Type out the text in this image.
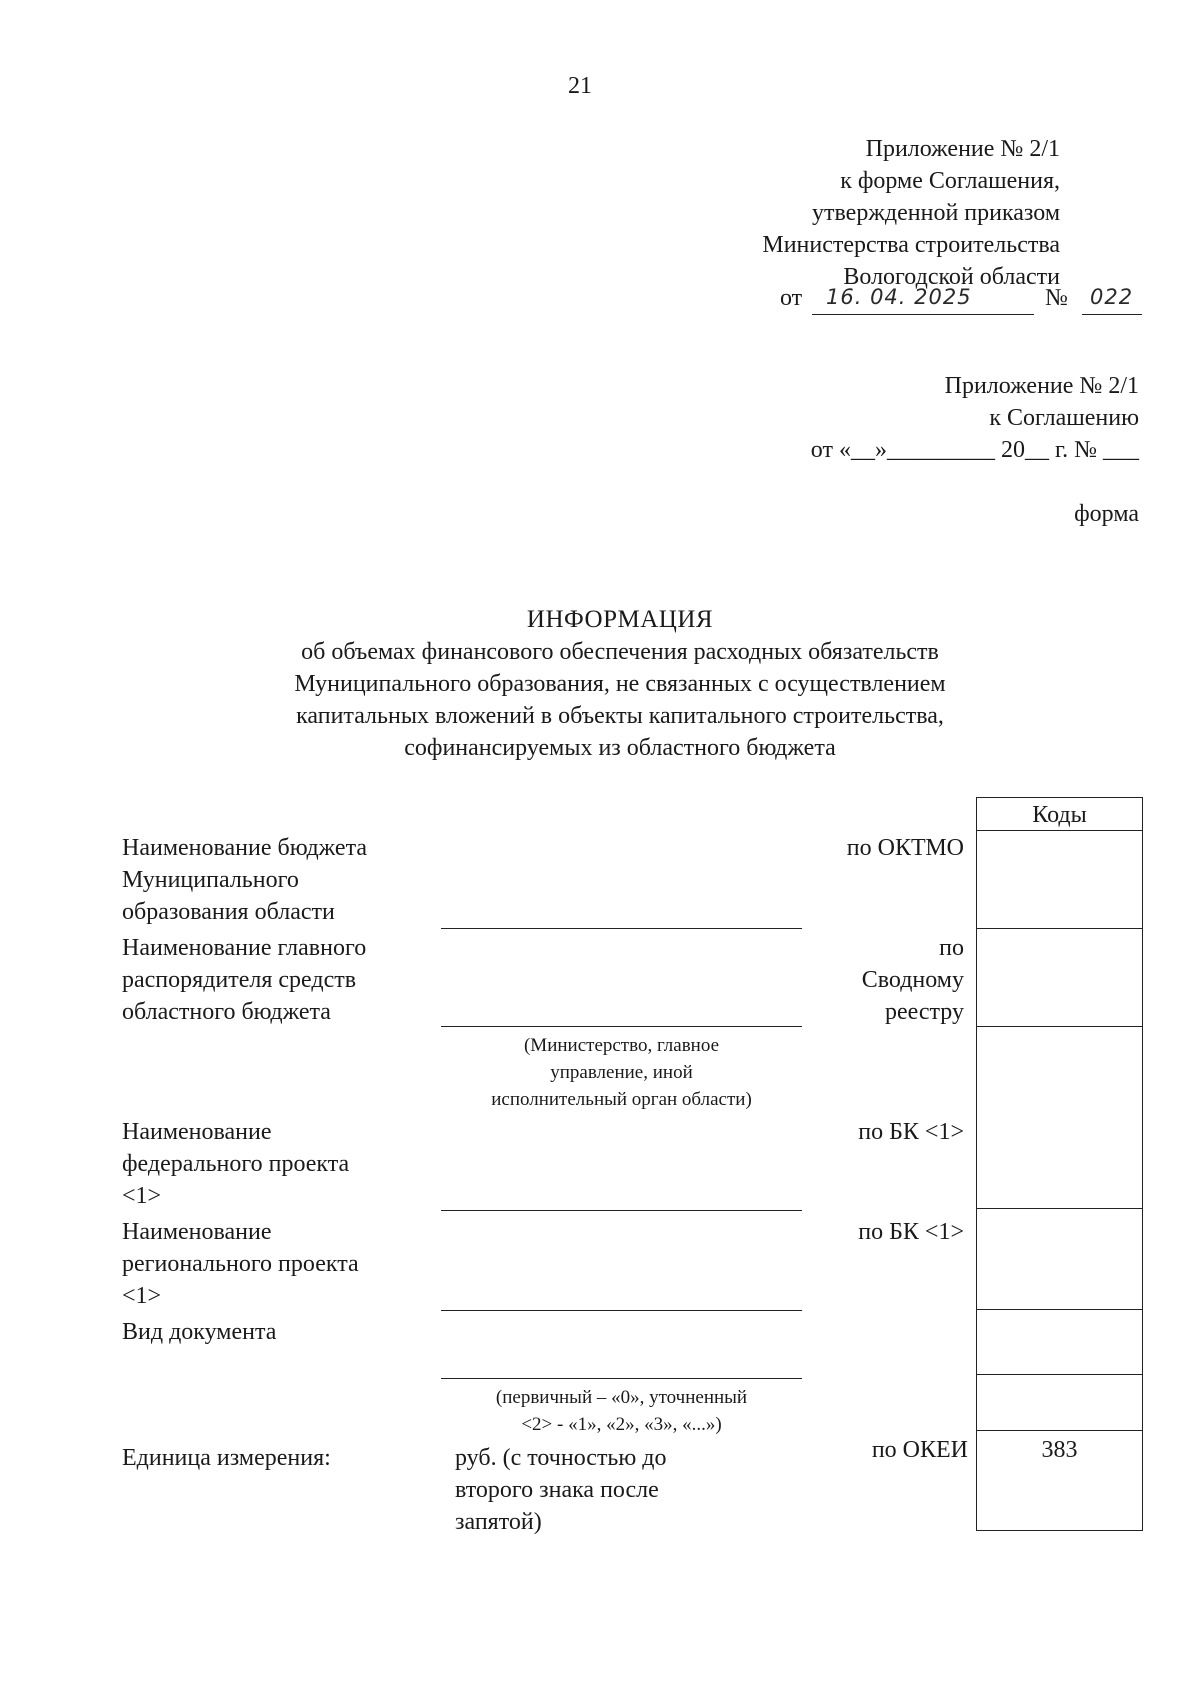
21
Приложение № 2/1
к форме Соглашения,
утвержденной приказом
Министерства строительства
Вологодской области
от 16. 04. 2025	№ 022
Приложение № 2/1
к Соглашению
от «__»_________ 20__ г. № ___
форма
ИНФОРМАЦИЯ
об объемах финансового обеспечения расходных обязательств
Муниципального образования, не связанных с осуществлением
капитальных вложений в объекты капитального строительства,
софинансируемых из областного бюджета
Коды
383
Наименование бюджета
Муниципального
образования области
по ОКТМО
Наименование главного
распорядителя средств
областного бюджета
по
Сводному
реестру
(Министерство, главное
управление, иной
исполнительный орган области)
Наименование
федерального проекта
<1>
по БК <1>
Наименование
регионального проекта
<1>
по БК <1>
Вид документа
(первичный – «0», уточненный
<2> - «1», «2», «3», «...»)
Единица измерения:	руб. (с точностью до
второго знака после
запятой)
по ОКЕИ
